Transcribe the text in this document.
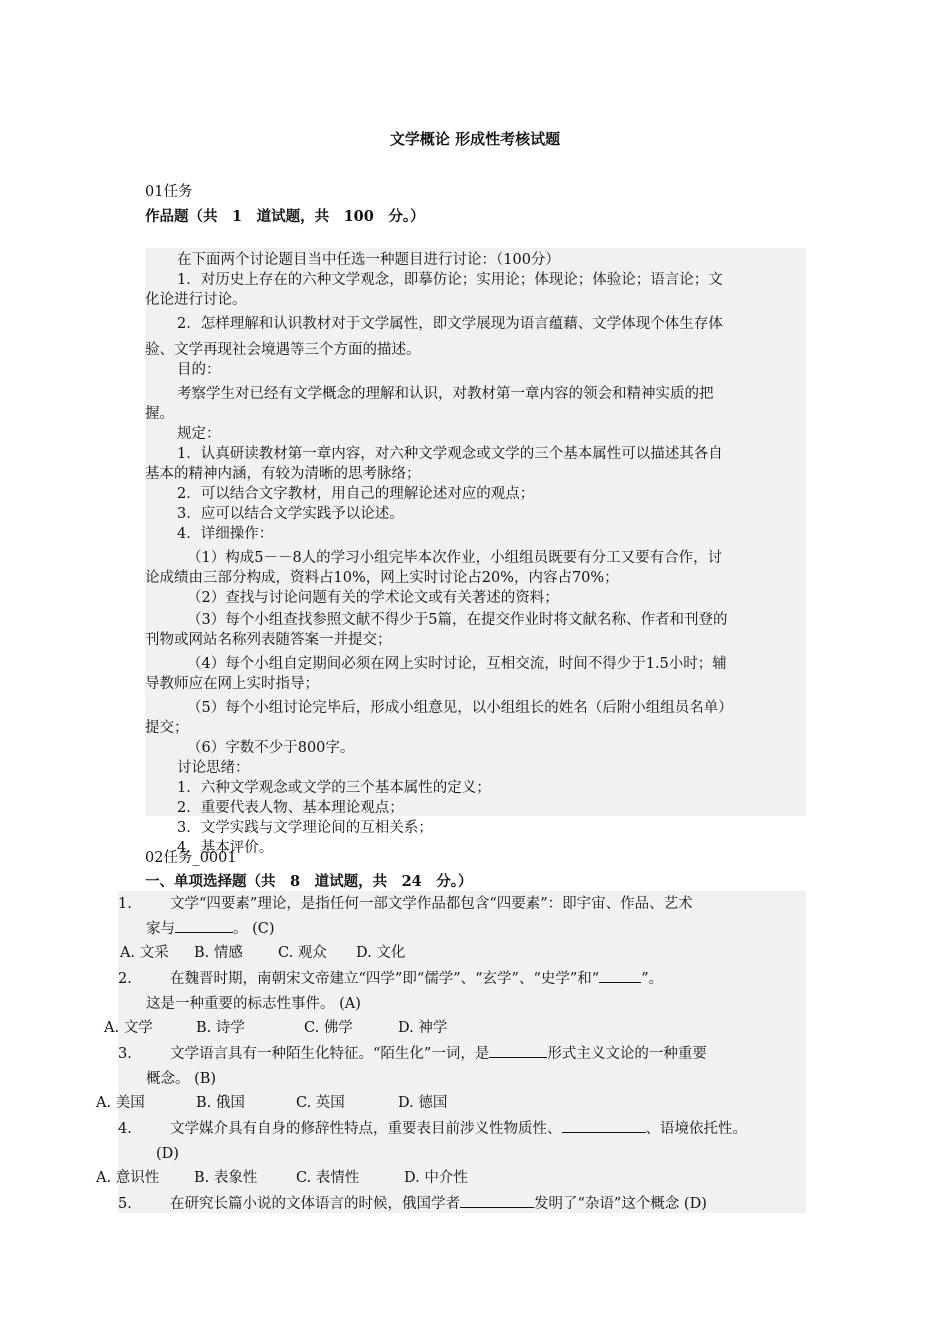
文学概论 形成性考核试题
01任务
作品题（共　1　道试题，共　100　分。）
在下面两个讨论题目当中任选一种题目进行讨论：（100分）
1．对历史上存在的六种文学观念，即摹仿论；实用论；体现论；体验论；语言论；文
化论进行讨论。
2．怎样理解和认识教材对于文学属性，即文学展现为语言蕴藉、文学体现个体生存体
验、文学再现社会境遇等三个方面的描述。
目的：
考察学生对已经有文学概念的理解和认识，对教材第一章内容的领会和精神实质的把
握。
规定：
1．认真研读教材第一章内容，对六种文学观念或文学的三个基本属性可以描述其各自
基本的精神内涵，有较为清晰的思考脉络；
2．可以结合文字教材，用自己的理解论述对应的观点；
3．应可以结合文学实践予以论述。
4．详细操作：
（1）构成5－－8人的学习小组完毕本次作业，小组组员既要有分工又要有合作，讨
论成绩由三部分构成，资料占10%，网上实时讨论占20%，内容占70%；
（2）查找与讨论问题有关的学术论文或有关著述的资料；
（3）每个小组查找参照文献不得少于5篇，在提交作业时将文献名称、作者和刊登的
刊物或网站名称列表随答案一并提交；
（4）每个小组自定期间必须在网上实时讨论，互相交流，时间不得少于1.5小时；辅
导教师应在网上实时指导；
（5）每个小组讨论完毕后，形成小组意见，以小组组长的姓名（后附小组组员名单）
提交；
（6）字数不少于800字。
讨论思绪：
1．六种文学观念或文学的三个基本属性的定义；
2．重要代表人物、基本理论观点；
3．文学实践与文学理论间的互相关系；
4．基本评价。
02任务_0001
一、单项选择题（共　8　道试题，共　24　分。）
1.	文学“四要素”理论，是指任何一部文学作品都包含“四要素”：即宇宙、作品、艺术
家与	。 (C)
A. 文采 B. 情感 C. 观众 D. 文化
2.	在魏晋时期，南朝宋文帝建立“四学”即“儒学”、“玄学”、“史学”和“	”。
这是一种重要的标志性事件。 (A)
A. 文学	B. 诗学	C. 佛学	D. 神学
3.	文学语言具有一种陌生化特征。“陌生化”一词，是	形式主义文论的一种重要
概念。 (B)
A. 美国	B. 俄国	C. 英国	D. 德国
4.	文学媒介具有自身的修辞性特点，重要表目前涉义性物质性、	、语境依托性。
(D)
A. 意识性 B. 表象性	C. 表情性	D. 中介性
5.	在研究长篇小说的文体语言的时候，俄国学者	发明了“杂语”这个概念 (D)
